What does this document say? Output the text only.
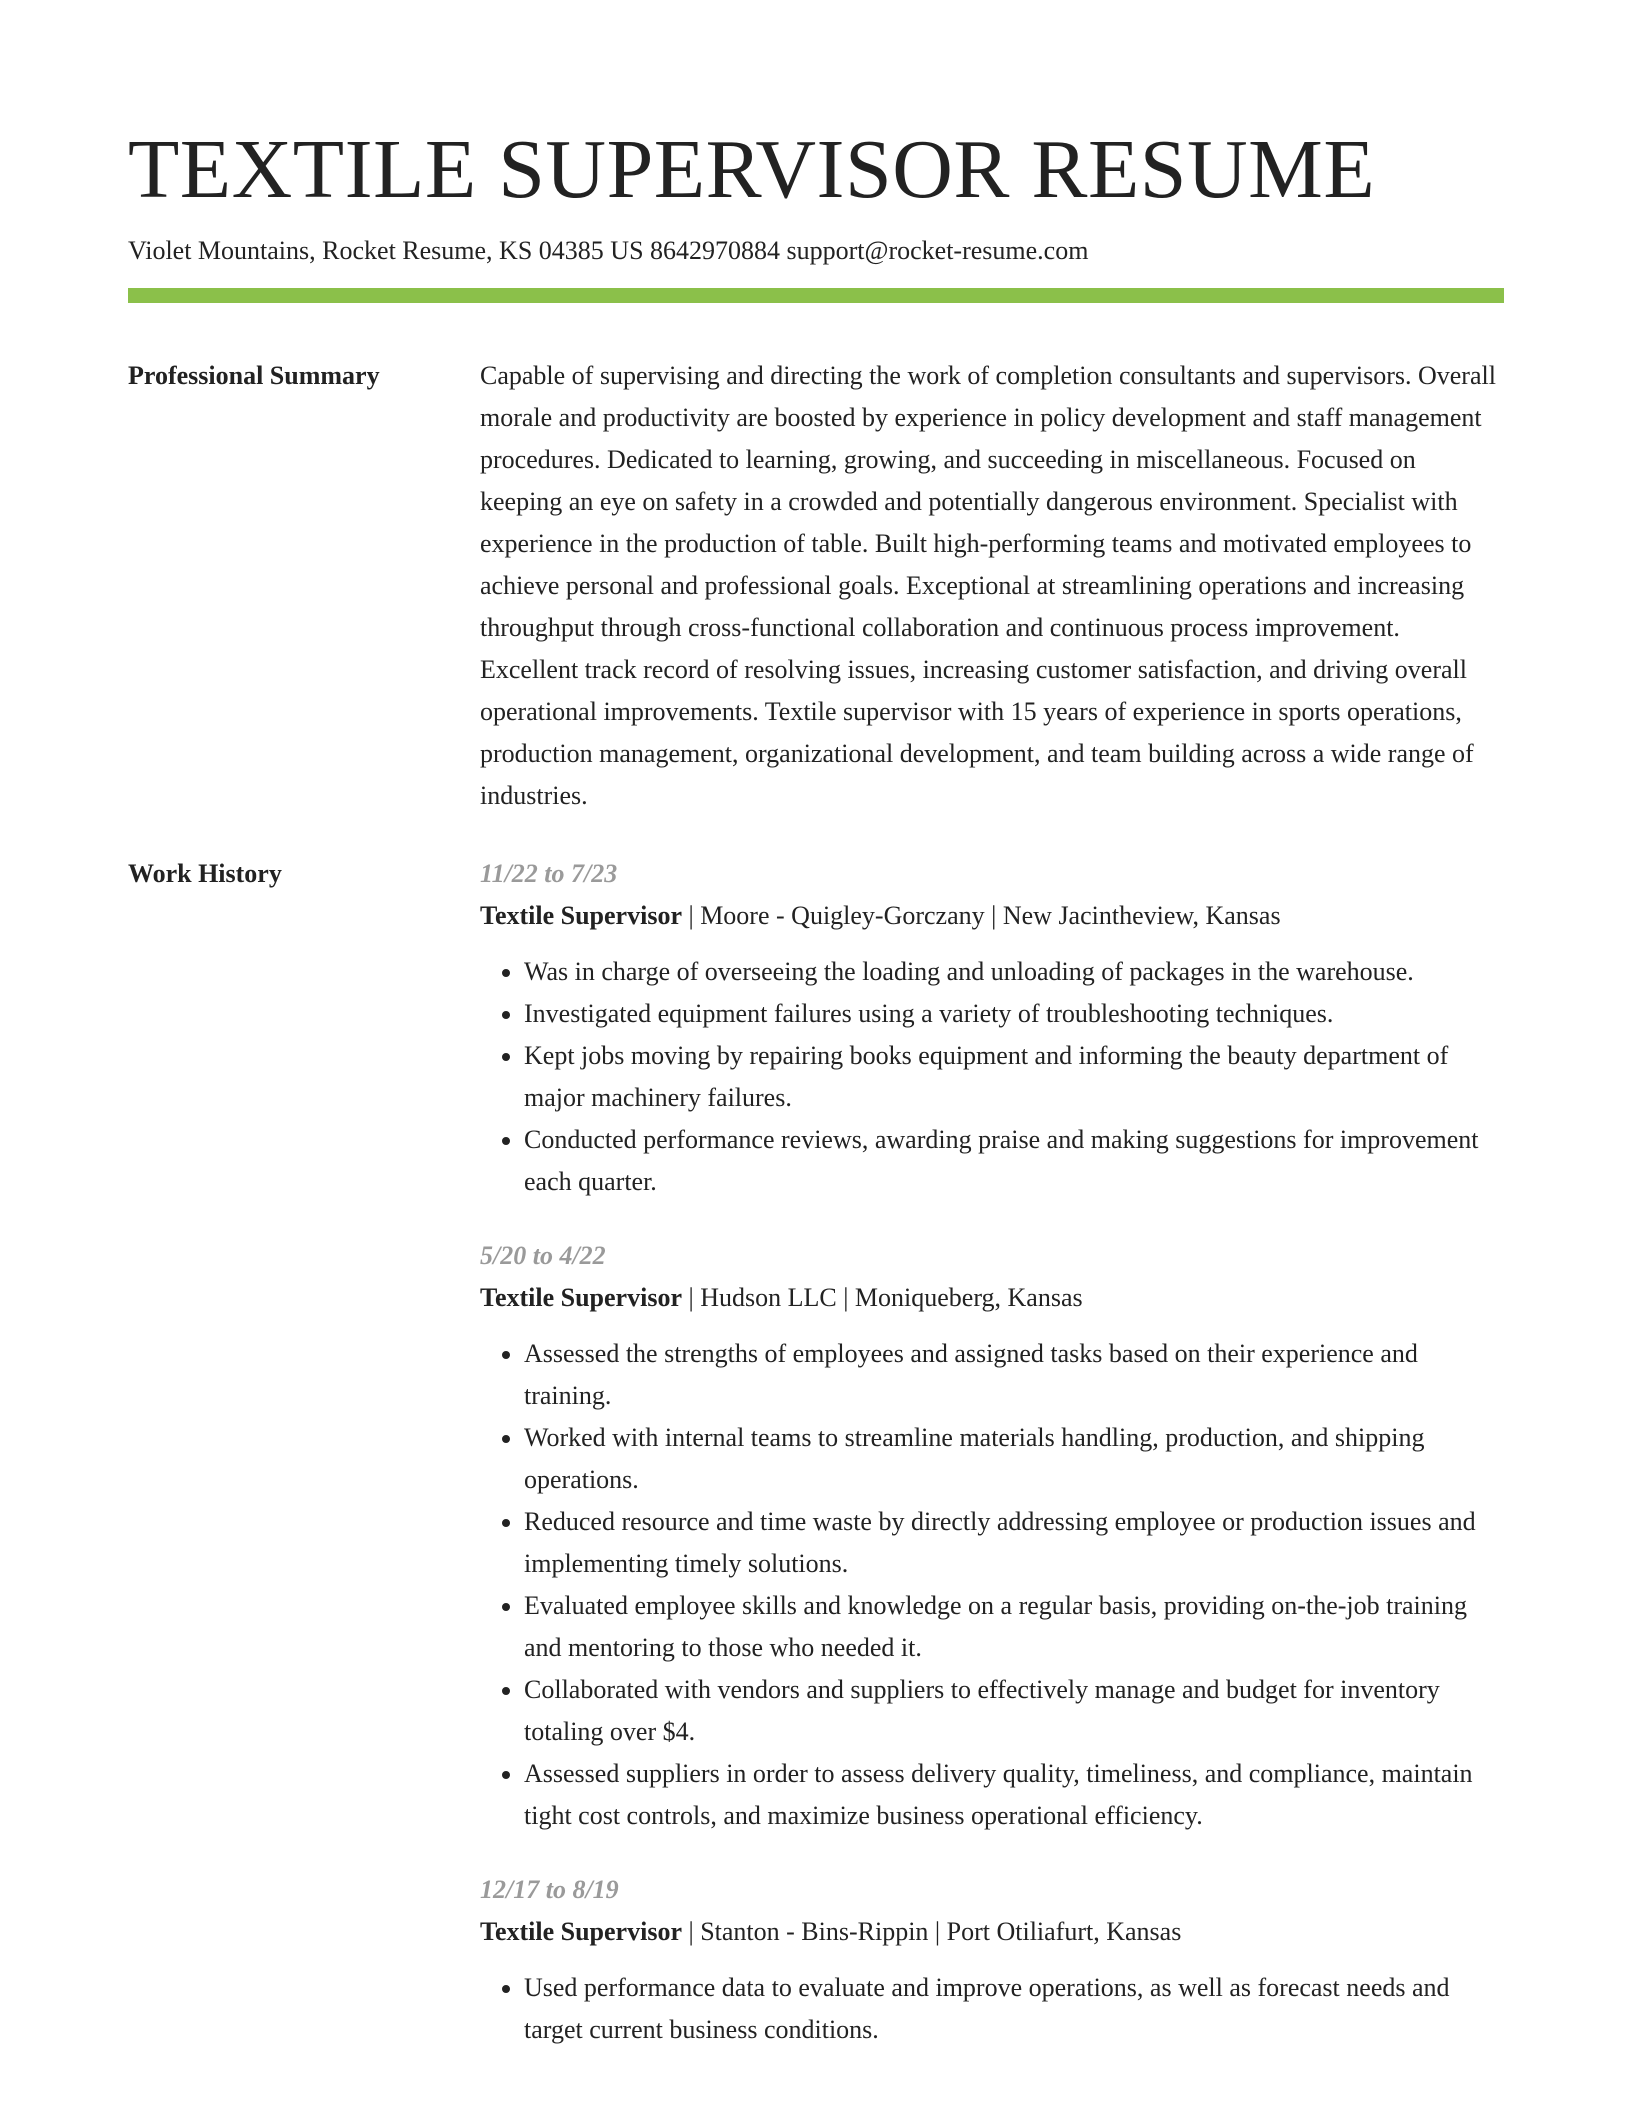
TEXTILE SUPERVISOR RESUME
Violet Mountains, Rocket Resume, KS 04385 US 8642970884 support@rocket-resume.com
Professional Summary	Capable of supervising and directing the work of completion consultants and supervisors. Overall morale and productivity are boosted by experience in policy development and staff management procedures. Dedicated to learning, growing, and succeeding in miscellaneous. Focused on keeping an eye on safety in a crowded and potentially dangerous environment. Specialist with experience in the production of table. Built high-performing teams and motivated employees to achieve personal and professional goals. Exceptional at streamlining operations and increasing throughput through cross-functional collaboration and continuous process improvement. Excellent track record of resolving issues, increasing customer satisfaction, and driving overall operational improvements. Textile supervisor with 15 years of experience in sports operations, production management, organizational development, and team building across a wide range of industries.

Work History	11/22 to 7/23
Textile Supervisor | Moore - Quigley-Gorczany | New Jacintheview, Kansas
• Was in charge of overseeing the loading and unloading of packages in the warehouse.
• Investigated equipment failures using a variety of troubleshooting techniques.
• Kept jobs moving by repairing books equipment and informing the beauty department of major machinery failures.
• Conducted performance reviews, awarding praise and making suggestions for improvement each quarter.
5/20 to 4/22
Textile Supervisor | Hudson LLC | Moniqueberg, Kansas
• Assessed the strengths of employees and assigned tasks based on their experience and training.
• Worked with internal teams to streamline materials handling, production, and shipping operations.
• Reduced resource and time waste by directly addressing employee or production issues and implementing timely solutions.
• Evaluated employee skills and knowledge on a regular basis, providing on-the-job training and mentoring to those who needed it.
• Collaborated with vendors and suppliers to effectively manage and budget for inventory totaling over $4.
• Assessed suppliers in order to assess delivery quality, timeliness, and compliance, maintain tight cost controls, and maximize business operational efficiency.
12/17 to 8/19
Textile Supervisor | Stanton - Bins-Rippin | Port Otiliafurt, Kansas
• Used performance data to evaluate and improve operations, as well as forecast needs and target current business conditions.
